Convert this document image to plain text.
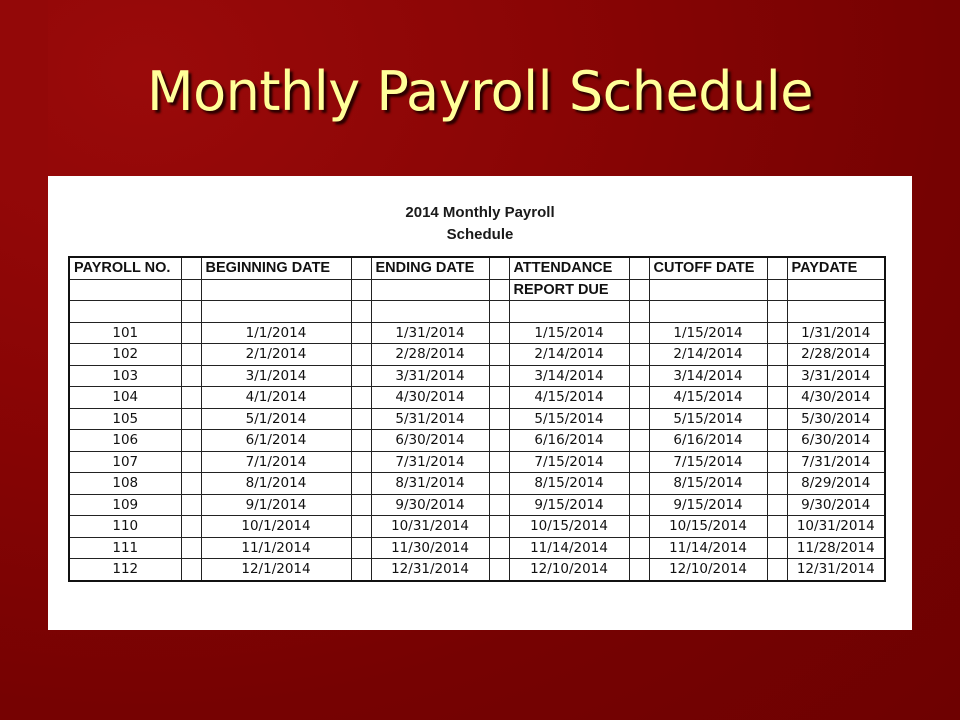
Monthly Payroll Schedule
2014 Monthly Payroll
Schedule
PAYROLL NO.		BEGINNING DATE		ENDING DATE		ATTENDANCE		CUTOFF DATE		PAYDATE
						REPORT DUE				

101		1/1/2014		1/31/2014		1/15/2014		1/15/2014		1/31/2014
102		2/1/2014		2/28/2014		2/14/2014		2/14/2014		2/28/2014
103		3/1/2014		3/31/2014		3/14/2014		3/14/2014		3/31/2014
104		4/1/2014		4/30/2014		4/15/2014		4/15/2014		4/30/2014
105		5/1/2014		5/31/2014		5/15/2014		5/15/2014		5/30/2014
106		6/1/2014		6/30/2014		6/16/2014		6/16/2014		6/30/2014
107		7/1/2014		7/31/2014		7/15/2014		7/15/2014		7/31/2014
108		8/1/2014		8/31/2014		8/15/2014		8/15/2014		8/29/2014
109		9/1/2014		9/30/2014		9/15/2014		9/15/2014		9/30/2014
110		10/1/2014		10/31/2014		10/15/2014		10/15/2014		10/31/2014
111		11/1/2014		11/30/2014		11/14/2014		11/14/2014		11/28/2014
112		12/1/2014		12/31/2014		12/10/2014		12/10/2014		12/31/2014
